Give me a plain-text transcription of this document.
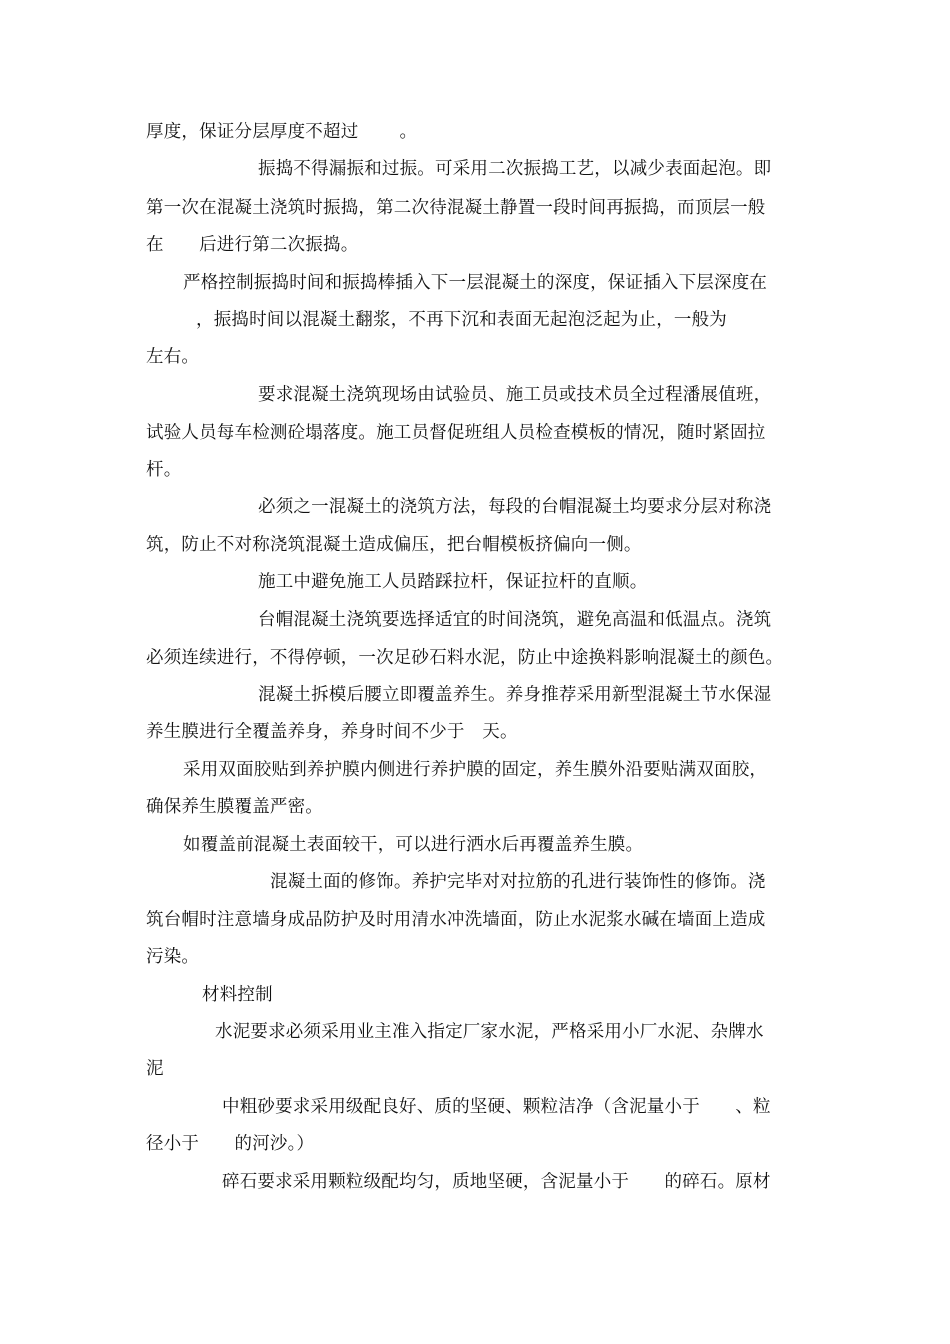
厚度，保证分层厚度不超过　　 。
振捣不得漏振和过振。可采用二次振捣工艺，以减少表面起泡。即
第一次在混凝土浇筑时振捣，第二次待混凝土静置一段时间再振捣，而顶层一般
在　　后进行第二次振捣。
严格控制振捣时间和振捣棒插入下一层混凝土的深度，保证插入下层深度在
，振捣时间以混凝土翻浆，不再下沉和表面无起泡泛起为止，一般为
左右。
要求混凝土浇筑现场由试验员、施工员或技术员全过程潘展值班，
试验人员每车检测砼塌落度。施工员督促班组人员检查模板的情况，随时紧固拉
杆。
必须之一混凝土的浇筑方法，每段的台帽混凝土均要求分层对称浇
筑，防止不对称浇筑混凝土造成偏压，把台帽模板挤偏向一侧。
施工中避免施工人员踏踩拉杆，保证拉杆的直顺。
台帽混凝土浇筑要选择适宜的时间浇筑，避免高温和低温点。浇筑
必须连续进行，不得停顿，一次足砂石料水泥，防止中途换料影响混凝土的颜色。
混凝土拆模后腰立即覆盖养生。养身推荐采用新型混凝土节水保湿
养生膜进行全覆盖养身，养身时间不少于　天。
采用双面胶贴到养护膜内侧进行养护膜的固定，养生膜外沿要贴满双面胶，
确保养生膜覆盖严密。
如覆盖前混凝土表面较干，可以进行洒水后再覆盖养生膜。
混凝土面的修饰。养护完毕对对拉筋的孔进行装饰性的修饰。浇
筑台帽时注意墙身成品防护及时用清水冲洗墙面，防止水泥浆水碱在墙面上造成
污染。
材料控制
水泥要求必须采用业主准入指定厂家水泥，严格采用小厂水泥、杂牌水
泥
中粗砂要求采用级配良好、质的坚硬、颗粒洁净（含泥量小于　　、粒
径小于　　的河沙。）
碎石要求采用颗粒级配均匀，质地坚硬，含泥量小于　　的碎石。原材
